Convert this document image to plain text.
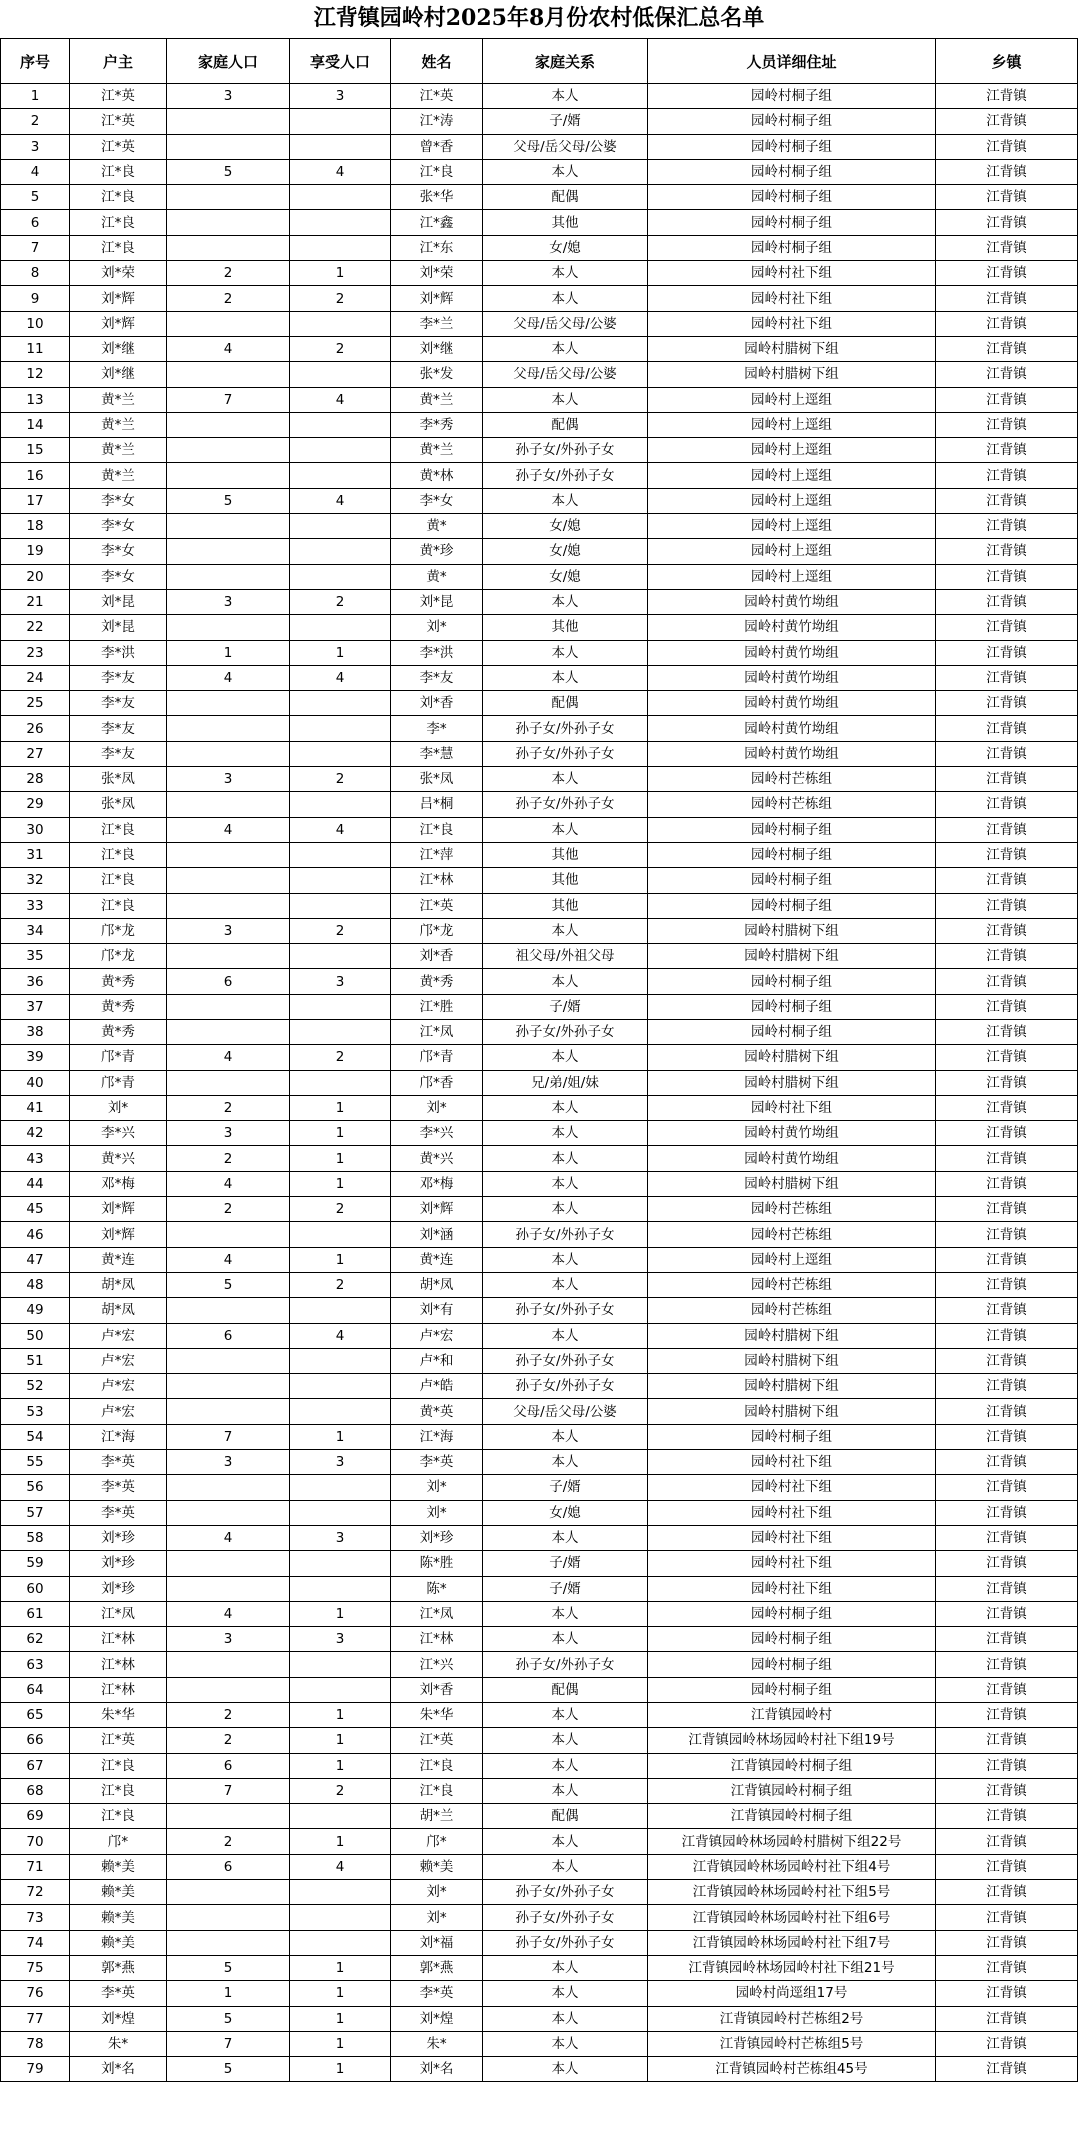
江背镇园岭村2025年8月份农村低保汇总名单
序号	户主	家庭人口	享受人口	姓名	家庭关系	人员详细住址	乡镇
1	江*英	3	3	江*英	本人	园岭村桐子组	江背镇
2	江*英			江*涛	子/婿	园岭村桐子组	江背镇
3	江*英			曾*香	父母/岳父母/公婆	园岭村桐子组	江背镇
4	江*良	5	4	江*良	本人	园岭村桐子组	江背镇
5	江*良			张*华	配偶	园岭村桐子组	江背镇
6	江*良			江*鑫	其他	园岭村桐子组	江背镇
7	江*良			江*东	女/媳	园岭村桐子组	江背镇
8	刘*荣	2	1	刘*荣	本人	园岭村社下组	江背镇
9	刘*辉	2	2	刘*辉	本人	园岭村社下组	江背镇
10	刘*辉			李*兰	父母/岳父母/公婆	园岭村社下组	江背镇
11	刘*继	4	2	刘*继	本人	园岭村腊树下组	江背镇
12	刘*继			张*发	父母/岳父母/公婆	园岭村腊树下组	江背镇
13	黄*兰	7	4	黄*兰	本人	园岭村上逕组	江背镇
14	黄*兰			李*秀	配偶	园岭村上逕组	江背镇
15	黄*兰			黄*兰	孙子女/外孙子女	园岭村上逕组	江背镇
16	黄*兰			黄*林	孙子女/外孙子女	园岭村上逕组	江背镇
17	李*女	5	4	李*女	本人	园岭村上逕组	江背镇
18	李*女			黄*	女/媳	园岭村上逕组	江背镇
19	李*女			黄*珍	女/媳	园岭村上逕组	江背镇
20	李*女			黄*	女/媳	园岭村上逕组	江背镇
21	刘*昆	3	2	刘*昆	本人	园岭村黄竹坳组	江背镇
22	刘*昆			刘*	其他	园岭村黄竹坳组	江背镇
23	李*洪	1	1	李*洪	本人	园岭村黄竹坳组	江背镇
24	李*友	4	4	李*友	本人	园岭村黄竹坳组	江背镇
25	李*友			刘*香	配偶	园岭村黄竹坳组	江背镇
26	李*友			李*	孙子女/外孙子女	园岭村黄竹坳组	江背镇
27	李*友			李*慧	孙子女/外孙子女	园岭村黄竹坳组	江背镇
28	张*凤	3	2	张*凤	本人	园岭村芒栋组	江背镇
29	张*凤			吕*桐	孙子女/外孙子女	园岭村芒栋组	江背镇
30	江*良	4	4	江*良	本人	园岭村桐子组	江背镇
31	江*良			江*萍	其他	园岭村桐子组	江背镇
32	江*良			江*林	其他	园岭村桐子组	江背镇
33	江*良			江*英	其他	园岭村桐子组	江背镇
34	邝*龙	3	2	邝*龙	本人	园岭村腊树下组	江背镇
35	邝*龙			刘*香	祖父母/外祖父母	园岭村腊树下组	江背镇
36	黄*秀	6	3	黄*秀	本人	园岭村桐子组	江背镇
37	黄*秀			江*胜	子/婿	园岭村桐子组	江背镇
38	黄*秀			江*凤	孙子女/外孙子女	园岭村桐子组	江背镇
39	邝*青	4	2	邝*青	本人	园岭村腊树下组	江背镇
40	邝*青			邝*香	兄/弟/姐/妹	园岭村腊树下组	江背镇
41	刘*	2	1	刘*	本人	园岭村社下组	江背镇
42	李*兴	3	1	李*兴	本人	园岭村黄竹坳组	江背镇
43	黄*兴	2	1	黄*兴	本人	园岭村黄竹坳组	江背镇
44	邓*梅	4	1	邓*梅	本人	园岭村腊树下组	江背镇
45	刘*辉	2	2	刘*辉	本人	园岭村芒栋组	江背镇
46	刘*辉			刘*涵	孙子女/外孙子女	园岭村芒栋组	江背镇
47	黄*连	4	1	黄*连	本人	园岭村上逕组	江背镇
48	胡*凤	5	2	胡*凤	本人	园岭村芒栋组	江背镇
49	胡*凤			刘*有	孙子女/外孙子女	园岭村芒栋组	江背镇
50	卢*宏	6	4	卢*宏	本人	园岭村腊树下组	江背镇
51	卢*宏			卢*和	孙子女/外孙子女	园岭村腊树下组	江背镇
52	卢*宏			卢*皓	孙子女/外孙子女	园岭村腊树下组	江背镇
53	卢*宏			黄*英	父母/岳父母/公婆	园岭村腊树下组	江背镇
54	江*海	7	1	江*海	本人	园岭村桐子组	江背镇
55	李*英	3	3	李*英	本人	园岭村社下组	江背镇
56	李*英			刘*	子/婿	园岭村社下组	江背镇
57	李*英			刘*	女/媳	园岭村社下组	江背镇
58	刘*珍	4	3	刘*珍	本人	园岭村社下组	江背镇
59	刘*珍			陈*胜	子/婿	园岭村社下组	江背镇
60	刘*珍			陈*	子/婿	园岭村社下组	江背镇
61	江*凤	4	1	江*凤	本人	园岭村桐子组	江背镇
62	江*林	3	3	江*林	本人	园岭村桐子组	江背镇
63	江*林			江*兴	孙子女/外孙子女	园岭村桐子组	江背镇
64	江*林			刘*香	配偶	园岭村桐子组	江背镇
65	朱*华	2	1	朱*华	本人	江背镇园岭村	江背镇
66	江*英	2	1	江*英	本人	江背镇园岭林场园岭村社下组19号	江背镇
67	江*良	6	1	江*良	本人	江背镇园岭村桐子组	江背镇
68	江*良	7	2	江*良	本人	江背镇园岭村桐子组	江背镇
69	江*良			胡*兰	配偶	江背镇园岭村桐子组	江背镇
70	邝*	2	1	邝*	本人	江背镇园岭林场园岭村腊树下组22号	江背镇
71	赖*美	6	4	赖*美	本人	江背镇园岭林场园岭村社下组4号	江背镇
72	赖*美			刘*	孙子女/外孙子女	江背镇园岭林场园岭村社下组5号	江背镇
73	赖*美			刘*	孙子女/外孙子女	江背镇园岭林场园岭村社下组6号	江背镇
74	赖*美			刘*福	孙子女/外孙子女	江背镇园岭林场园岭村社下组7号	江背镇
75	郭*燕	5	1	郭*燕	本人	江背镇园岭林场园岭村社下组21号	江背镇
76	李*英	1	1	李*英	本人	园岭村尚逕组17号	江背镇
77	刘*煌	5	1	刘*煌	本人	江背镇园岭村芒栋组2号	江背镇
78	朱*	7	1	朱*	本人	江背镇园岭村芒栋组5号	江背镇
79	刘*名	5	1	刘*名	本人	江背镇园岭村芒栋组45号	江背镇
